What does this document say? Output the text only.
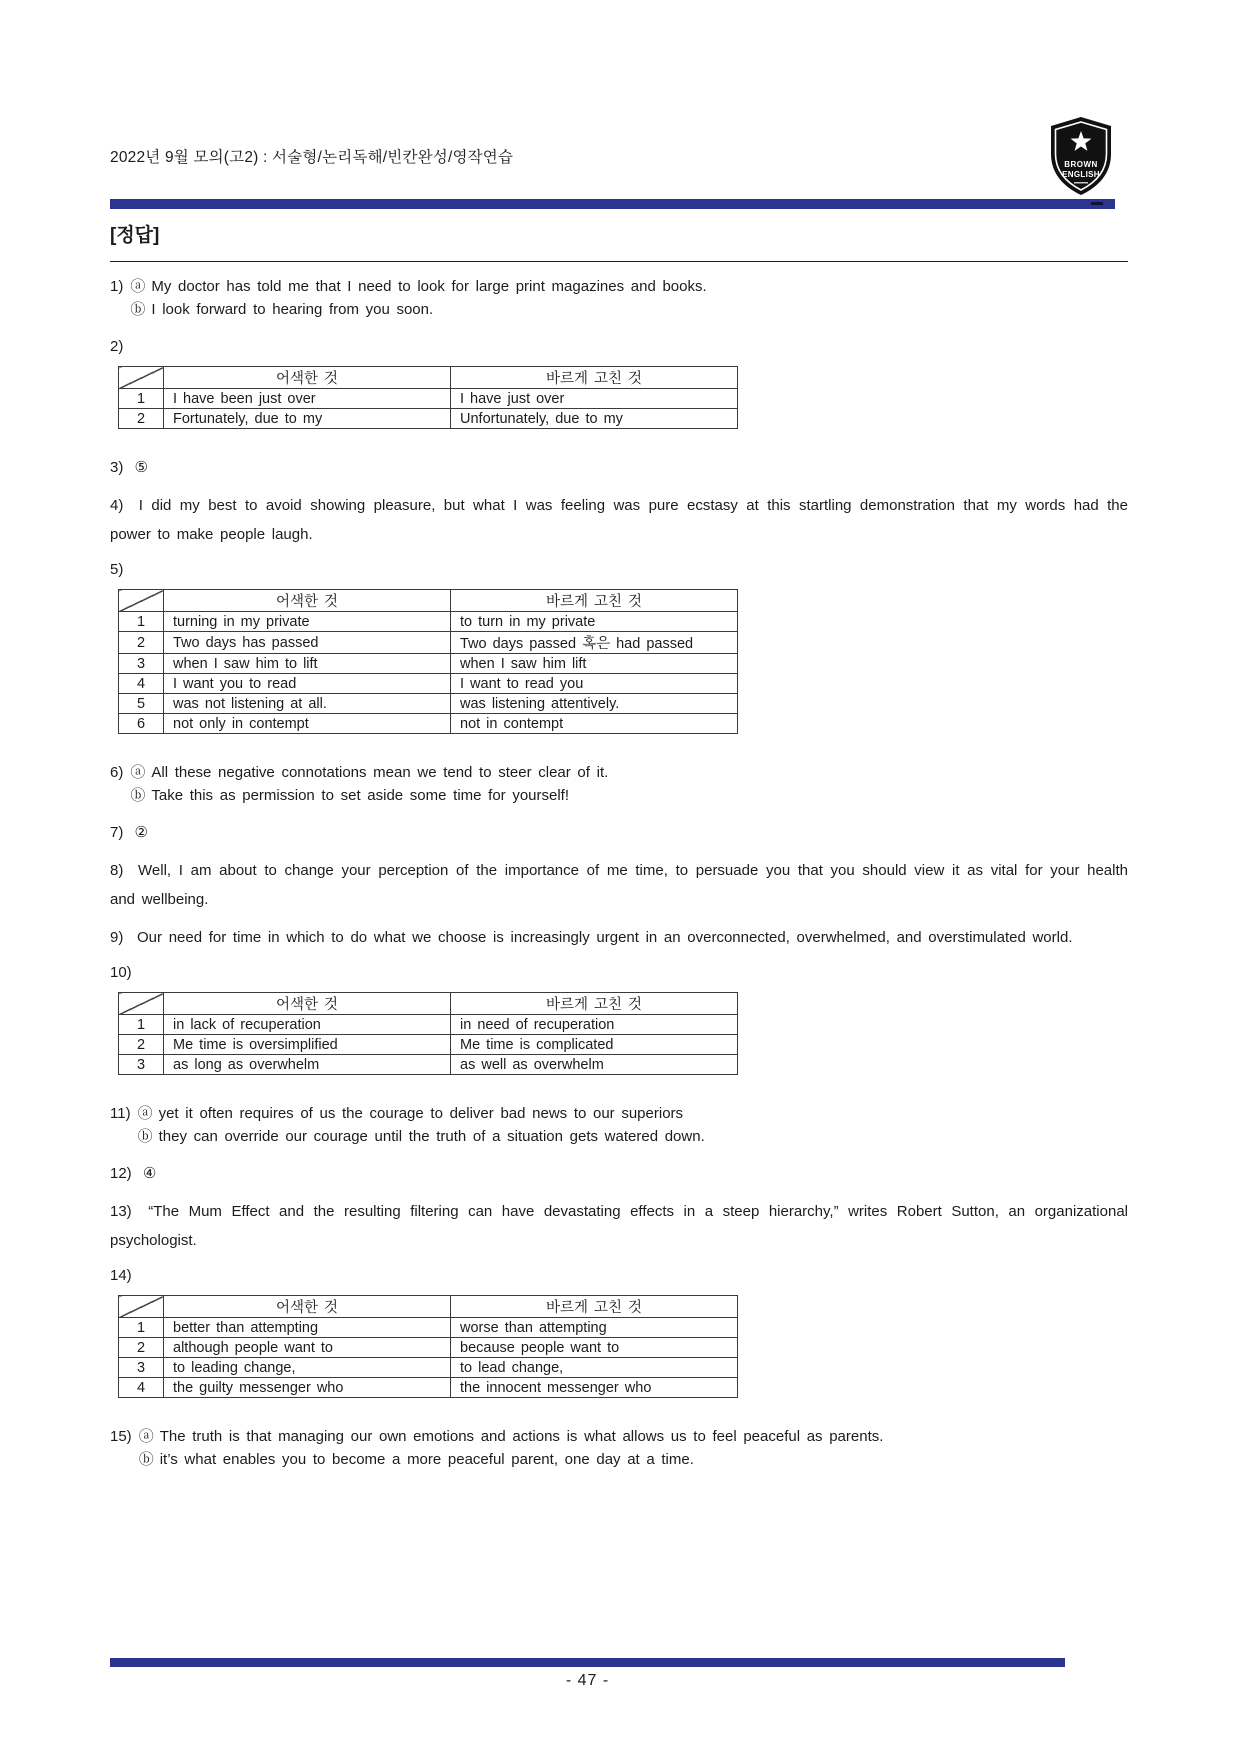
BROWN
ENGLISH
2022년 9월 모의(고2) : 서술형/논리독해/빈칸완성/영작연습
[정답]
1) ⓐ My doctor has told me that I need to look for large print magazines and books.
ⓑ I look forward to hearing from you soon.
2)
	어색한 것	바르게 고친 것
1	I have been just over	I have just over
2	Fortunately, due to my	Unfortunately, due to my
3) ⑤

4) I did my best to avoid showing pleasure, but what I was feeling was pure ecstasy at this startling demonstration that my words had the power to make people laugh.

5)
	어색한 것	바르게 고친 것
1	turning in my private	to turn in my private
2	Two days has passed	Two days passed 혹은 had passed
3	when I saw him to lift	when I saw him lift
4	I want you to read	I want to read you
5	was not listening at all.	was listening attentively.
6	not only in contempt	not in contempt
6) ⓐ All these negative connotations mean we tend to steer clear of it.
ⓑ Take this as permission to set aside some time for yourself!
7) ②

8) Well, I am about to change your perception of the importance of me time, to persuade you that you should view it as vital for your health and wellbeing.

9) Our need for time in which to do what we choose is increasingly urgent in an overconnected, overwhelmed, and overstimulated world.

10)
	어색한 것	바르게 고친 것
1	in lack of recuperation	in need of recuperation
2	Me time is oversimplified	Me time is complicated
3	as long as overwhelm	as well as overwhelm
11) ⓐ yet it often requires of us the courage to deliver bad news to our superiors
ⓑ they can override our courage until the truth of a situation gets watered down.
12) ④

13) “The Mum Effect and the resulting filtering can have devastating effects in a steep hierarchy,” writes Robert Sutton, an organizational psychologist.

14)
	어색한 것	바르게 고친 것
1	better than attempting	worse than attempting
2	although people want to	because people want to
3	to leading change,	to lead change,
4	the guilty messenger who	the innocent messenger who
15) ⓐ The truth is that managing our own emotions and actions is what allows us to feel peaceful as parents.
ⓑ it’s what enables you to become a more peaceful parent, one day at a time.
- 47 -
